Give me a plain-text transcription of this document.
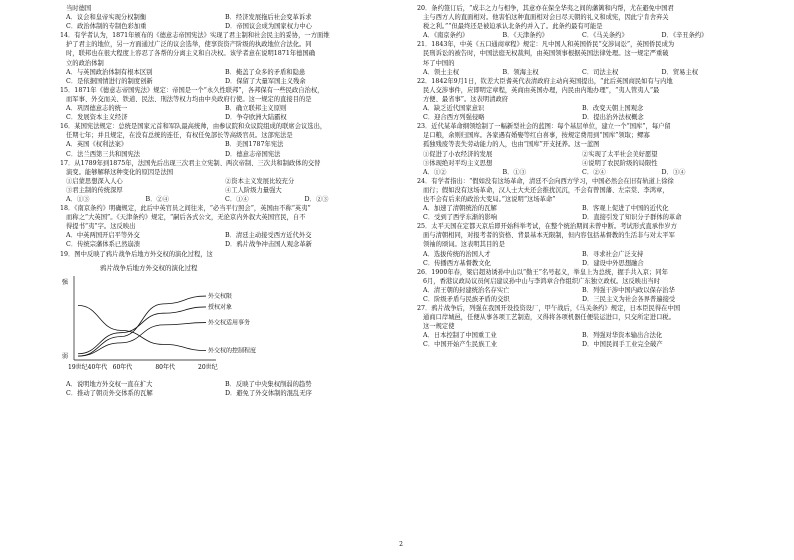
当时德国
A．议会和皇帝实现分权制衡	B．经济发展拖后社会变革诉求
C．政治体制的专制色彩加重	D．帝国议会成为国家权力中心
14．有学者认为，1871年颁布的《德意志帝国宪法》实现了君主制和社会民主的妥协，一方面维
护了君主的地位，另一方面通过广泛的议会选举，使享资资产阶级的执政地位合法化。同
时，联邦也在很大程度上容忍了各帮的分离主义和自决权。该学者意在说明1871年德国确
立的政治体制
A．与英国政治体制有根本区别	B．掩盖了众多的矛盾和隐患
C．是依据国情进行的制度创新	D．保留了大量军国主义残余
15．1871年《德意志帝国宪法》规定：帝国是一个“永久性联邦”，各邦保有一些民政自治权，
而军事、外交而关、铁道、民法、刑法等权力均由中央政府行使。这一规定的直接目的是
A．巩固德意志的统一	B．确立联邦主义原则
C．发展资本主义经济	D．争夺欧洲大陆霸权
16．某国宪法规定：总统是国家元首和军队最高统帅，由参议院和众议院组成的联席会议选出，
任期七年；并且规定，在没有总统的连任，有权任免部长等高级官员。这部宪法是
A．英国《权利法案》	B．美国1787年宪法
C．法兰西第三共和国宪法	D．德意志帝国宪法
17．从1789年到1875年，法国先后出现三次君主立宪制、两次帝制、三次共和制政体的交替
演变。能够解释这种变化的原因是法国
①启蒙思想深入人心	②资本主义发展比较充分
③君主制的传统深厚	④工人阶级力量强大
A．①③	B．②④	C．①④	D．②③
18．《南京条约》明确规定，此后中英官员之间往来，“必当平行照会”，英国由不称“英夷”
而称之“大英国”。《天津条约》规定，“嗣后各式公文，无论京内外叙大英国官民，自不
得提书“夷”字。这反映出
A．中英两国开启平等外交	B．清廷主动接受西方近代外交
C．传统宗藩体系已然崩溃	D．鸦片战争冲击国人观念革新
19．图中反映了鸦片战争后地方外交权的演化过程，这
鸦片战争后地方外交权的演化过程
强
弱
19世纪40年代 60年代	80年代	20世纪
外交权限
授权对象
外交权适用事务
外交权的控制程度
A．说明地方外交权一直在扩大	B．反映了中央集权削弱的趋势
C．推动了朝贡外交体系的瓦解	D．避免了外交体制的混乱无序
20．条约签订后，“成丰之力与相争，其意亦在保全华夷之间的藩篱和内帮，尤在避免中国君
主与西方人的直面相对。他害怕这种直面相对会日尽天朝的礼义和成宪，因此宁肯舍弃关
税之利。”“但最终还是被迫承认北条约并入了。此条约最有可能是
A．《南京条约》	B．《天津条约》	C．《马关条约》	D．《辛丑条约》
21．1843年，中英《五口通商章程》规定：凡中国人和英国侨民“交涉词讼”，英国侨民成为
民刑诉讼的被告时，中国法庭无权裁判，由英国领事根据英国法律处理。这一规定严重破
坏了中国的
A．领土主权	B．领海主权	C．司法主权	D．贸易主权
22．1842年9月1日，钦差大臣耆英代表清政府主动向英国提出，“此后英国商民如有与内地
民人交涉事件，应即明定章程，英商由英国办理，内民由内地办理”，“夷人管夷人”最
方便、最省事”。这表明清政府
A．缺乏近代国家意识	B．改变天朝上国观念
C．迎合西方列强侵略	D．提出治外法权概念
23．近代某革命纲领绘制了一幅新型社会的蓝图：每个基层单位，建立一个“国库”，每户留
足口粮，余则归国库。各家遇有婚娶等红白喜事，按规定费用到“国库”领取；鳏寡
孤独残废等丧失劳动能力的人，也由“国库”开支抚养。这一蓝图
①促进了小农经济的发展	②实现了太平社会美好愿望
③体现绝对平均主义思想	④说明了农民阶级的局限性
A．①②	B．①③	C．②④	D．③④
24．有学者指出：“假如没有这场革命，清廷不会向西方学习，中国必然会在旧有轨道上徐徐
而行；假如没有这场革命，汉人士大夫还会推扰沉沉，不会有曾国藩、左宗棠、李鸿章，
也不会有后来的政治大变局。”这说明“这场革命”
A．加速了清朝统治的瓦解	B．客观上促进了中国的近代化
C．受到了西学东渐的影响	D．直接引发了知识分子群体的革命
25．太平天国在定都天京后即开始科举考试，在整个统治期间未曾中断。考试形式直承作岁方
面与清朝相同，对报考者的资格、背景基本无限制，但内容包括基督教的生活非与对太平军
领袖的颂词。这表明其目的是
A．选拔传统的治国人才	B．寻求社会广泛支持
C．传播西方基督教文化	D．建设中外思想融合
26．1900年春，梁启超劝诱孙中山以“勤王”名号起义，举皇上为总统，握手共入京；同年
6月，香港议政局议员何启建议孙中山与李鸿章合作组织广东独立政权。这反映出当时
A．清王朝的封建统治名存实亡	B．列强干涉中国内政以保存治华
C．阶级矛盾与民族矛盾的交织	D．三民主义为社会各界普遍接受
27．鸦片战争后，列强在我国开设投资设厂，甲午战后，《马关条约》规定，日本臣民得在中国
通商口岸城邑，任便从事各项工艺制造，又得将各项机器任便装运进口，只交所定进口税。
这一规定使
A．日本控制了中国重工业	B．列强对华资本输出合法化
C．中国开始产生民族工业	D．中国民间手工业完全破产
2
